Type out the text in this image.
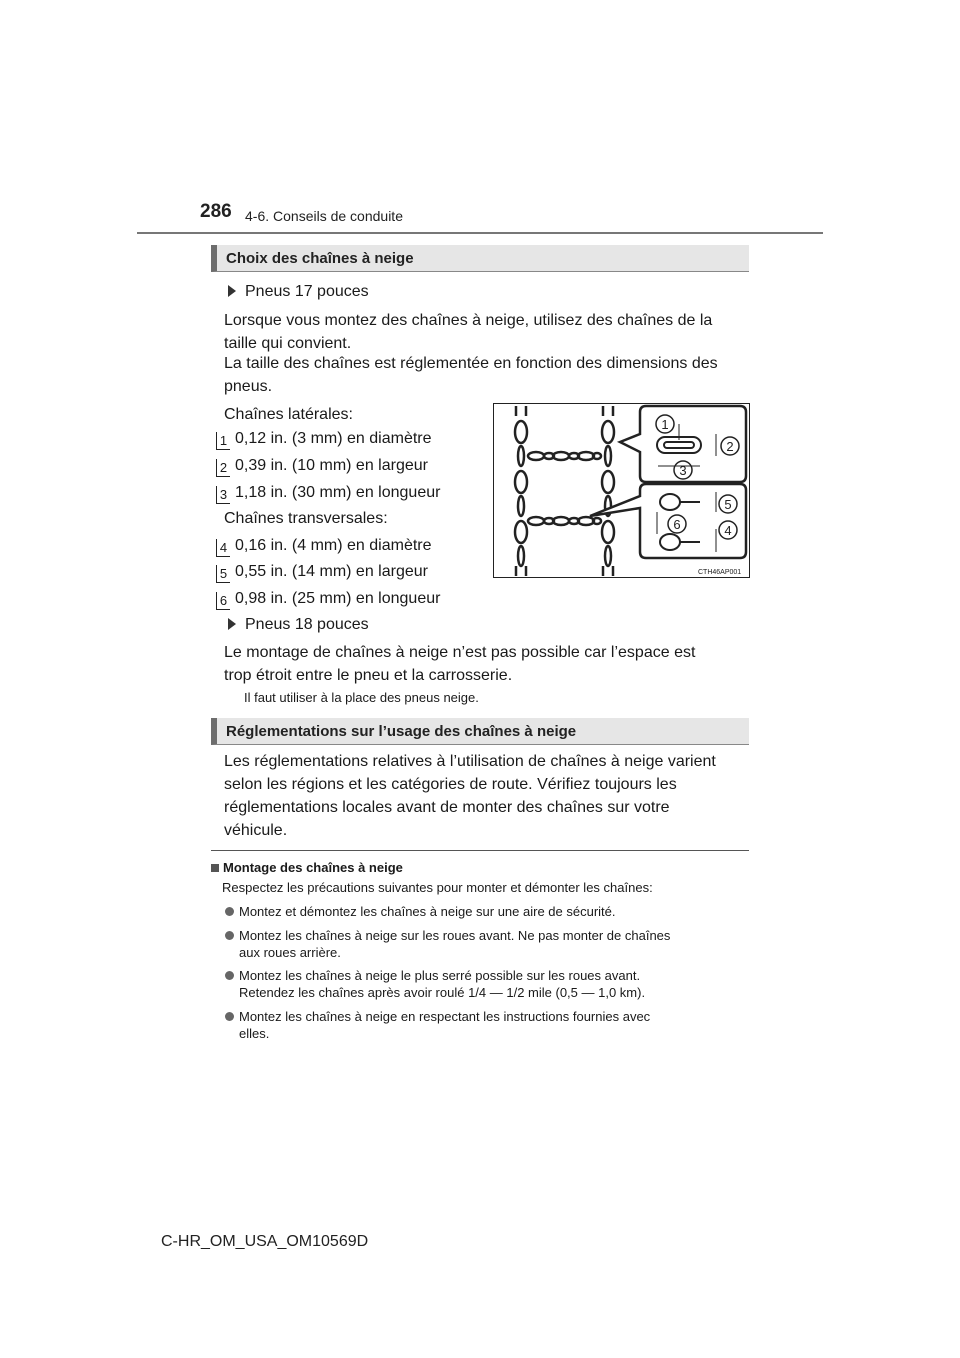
286 4-6. Conseils de conduite
Choix des chaînes à neige
Pneus 17 pouces
Lorsque vous montez des chaînes à neige, utilisez des chaînes de la
taille qui convient.
La taille des chaînes est réglementée en fonction des dimensions des
pneus.
Chaînes latérales:
1 0,12 in. (3 mm) en diamètre
2 0,39 in. (10 mm) en largeur
3 1,18 in. (30 mm) en longueur
Chaînes transversales:
4 0,16 in. (4 mm) en diamètre
5 0,55 in. (14 mm) en largeur
6 0,98 in. (25 mm) en longueur
1
2
3
5
6	4
CTH46AP001
Pneus 18 pouces
Le montage de chaînes à neige n’est pas possible car l’espace est
trop étroit entre le pneu et la carrosserie.
Il faut utiliser à la place des pneus neige.
Réglementations sur l’usage des chaînes à neige
Les réglementations relatives à l’utilisation de chaînes à neige varient
selon les régions et les catégories de route. Vérifiez toujours les
réglementations locales avant de monter des chaînes sur votre
véhicule.
Montage des chaînes à neige
Respectez les précautions suivantes pour monter et démonter les chaînes:
Montez et démontez les chaînes à neige sur une aire de sécurité.
Montez les chaînes à neige sur les roues avant. Ne pas monter de chaînes
aux roues arrière.
Montez les chaînes à neige le plus serré possible sur les roues avant.
Retendez les chaînes après avoir roulé 1/4 — 1/2 mile (0,5 — 1,0 km).
Montez les chaînes à neige en respectant les instructions fournies avec
elles.
C-HR_OM_USA_OM10569D
